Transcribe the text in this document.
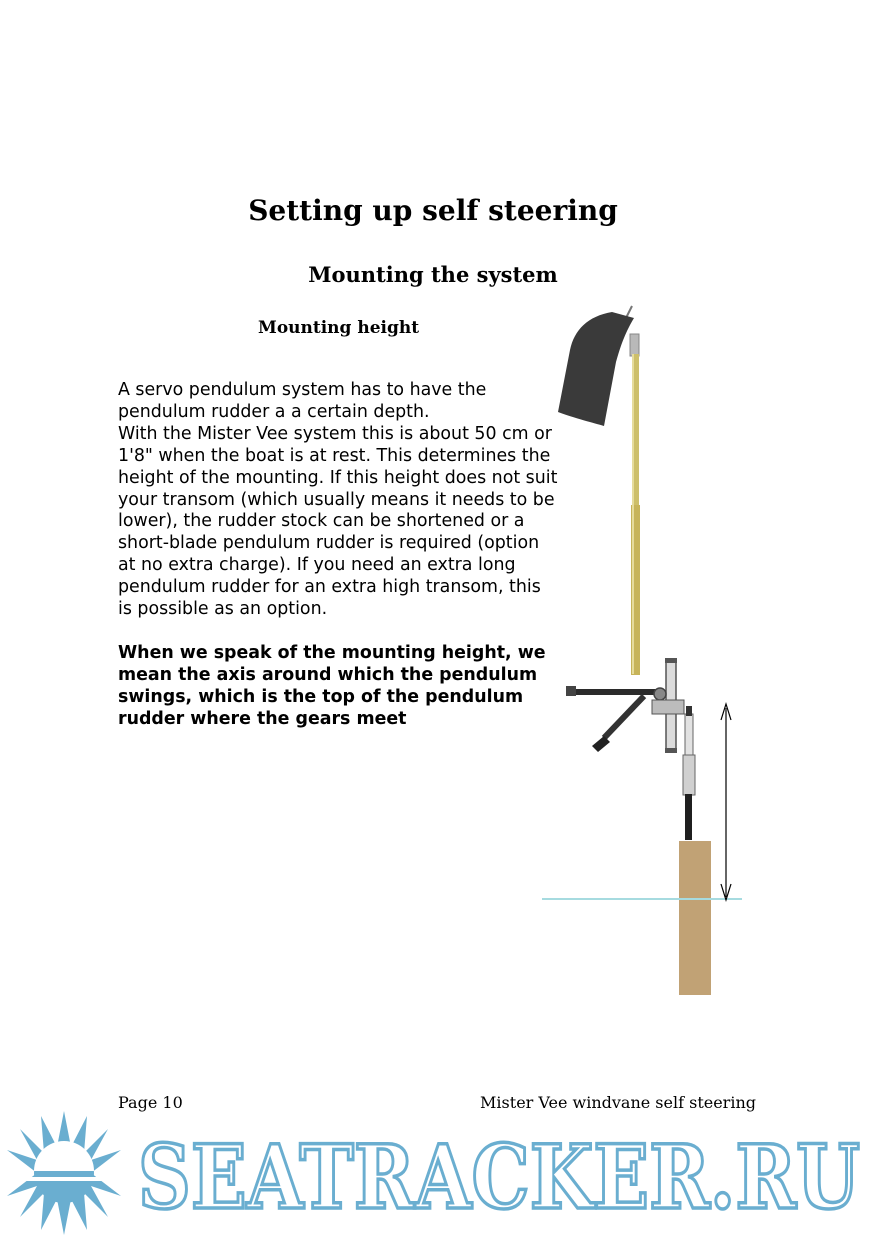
Setting up self steering
Mounting the system
Mounting height

A servo pendulum system has to have the pendulum rudder a a certain depth.

With the Mister Vee system this is about 50 cm or 1'8" when the boat is at rest. This determines the height of the mounting. If this height does not suit your transom (which usually means it needs to be lower), the rudder stock can be shortened or a short-blade pendulum rudder is required (option at no extra charge). If you need an extra long pendulum rudder for an extra high transom, this is possible as an option.

When we speak of the mounting height, we mean the axis around which the pendulum swings, which is the top of the pendulum rudder where the gears meet

Page 10	Mister Vee windvane self steering
SEATRACKER.RU
